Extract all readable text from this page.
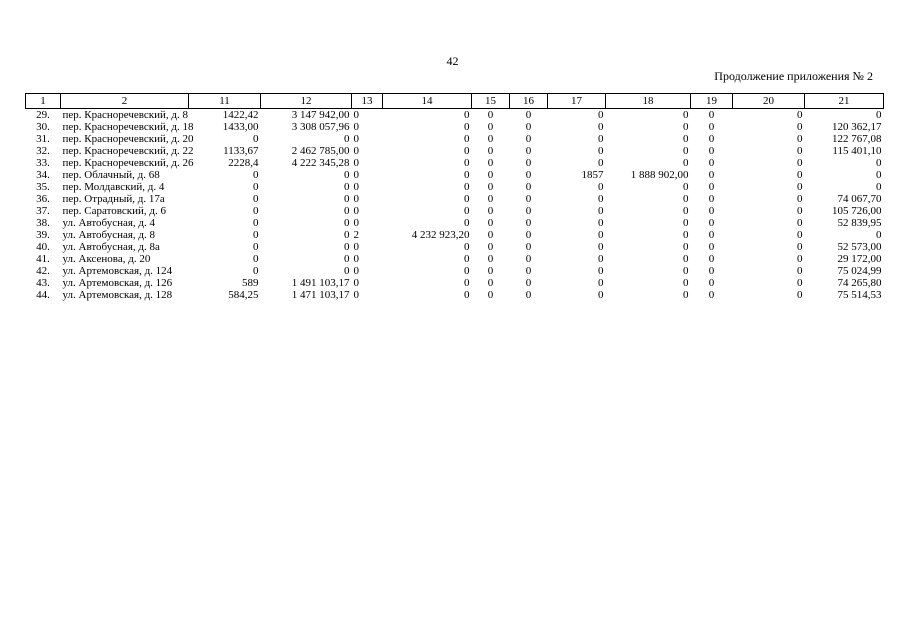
42
Продолжение приложения № 2
1	2	11	12	13	14	15	16	17	18	19	20	21
29.	пер. Красноречевский, д. 8	1422,42	3 147 942,00	0	0	0	0	0	0	0	0	0
30.	пер. Красноречевский, д. 18	1433,00	3 308 057,96	0	0	0	0	0	0	0	0	120 362,17
31.	пер. Красноречевский, д. 20	0	0	0	0	0	0	0	0	0	0	122 767,08
32.	пер. Красноречевский, д. 22	1133,67	2 462 785,00	0	0	0	0	0	0	0	0	115 401,10
33.	пер. Красноречевский, д. 26	2228,4	4 222 345,28	0	0	0	0	0	0	0	0	0
34.	пер. Облачный, д. 68	0	0	0	0	0	0	1857	1 888 902,00	0	0	0
35.	пер. Молдавский, д. 4	0	0	0	0	0	0	0	0	0	0	0
36.	пер. Отрадный, д. 17а	0	0	0	0	0	0	0	0	0	0	74 067,70
37.	пер. Саратовский, д. 6	0	0	0	0	0	0	0	0	0	0	105 726,00
38.	ул. Автобусная, д. 4	0	0	0	0	0	0	0	0	0	0	52 839,95
39.	ул. Автобусная, д. 8	0	0	2	4 232 923,20	0	0	0	0	0	0	0
40.	ул. Автобусная, д. 8а	0	0	0	0	0	0	0	0	0	0	52 573,00
41.	ул. Аксенова, д. 20	0	0	0	0	0	0	0	0	0	0	29 172,00
42.	ул. Артемовская, д. 124	0	0	0	0	0	0	0	0	0	0	75 024,99
43.	ул. Артемовская, д. 126	589	1 491 103,17	0	0	0	0	0	0	0	0	74 265,80
44.	ул. Артемовская, д. 128	584,25	1 471 103,17	0	0	0	0	0	0	0	0	75 514,53
